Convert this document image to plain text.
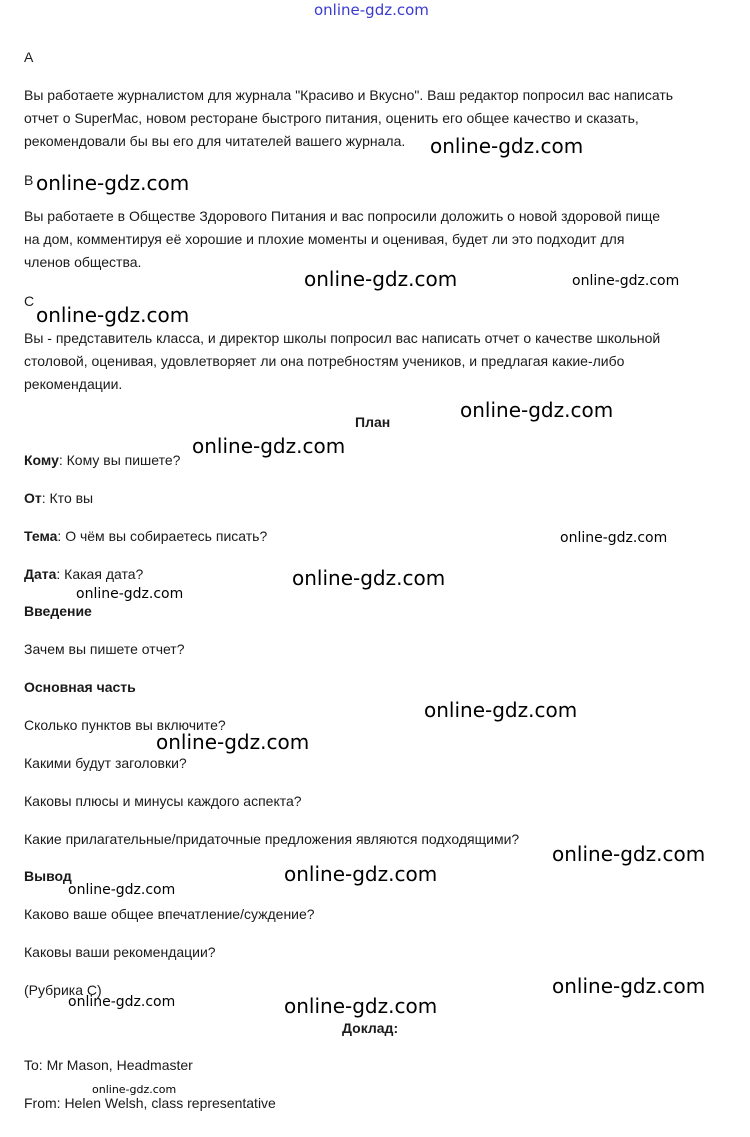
online-gdz.com
A
Вы работаете журналистом для журнала "Красиво и Вкусно". Ваш редактор попросил вас написать
отчет о SuperMac, новом ресторане быстрого питания, оценить его общее качество и сказать,
рекомендовали бы вы его для читателей вашего журнала.
B
Вы работаете в Обществе Здорового Питания и вас попросили доложить о новой здоровой пище
на дом, комментируя её хорошие и плохие моменты и оценивая, будет ли это подходит для
членов общества.
C
Вы - представитель класса, и директор школы попросил вас написать отчет о качестве школьной
столовой, оценивая, удовлетворяет ли она потребностям учеников, и предлагая какие-либо
рекомендации.
План
Кому: Кому вы пишете?
От: Кто вы
Тема: О чём вы собираетесь писать?
Дата: Какая дата?
Введение
Зачем вы пишете отчет?
Основная часть
Сколько пунктов вы включите?
Какими будут заголовки?
Каковы плюсы и минусы каждого аспекта?
Какие прилагательные/придаточные предложения являются подходящими?
Вывод
Каково ваше общее впечатление/суждение?
Каковы ваши рекомендации?
(Рубрика C)
Доклад:
To: Mr Mason, Headmaster
From: Helen Welsh, class representative
online-gdz.com
online-gdz.com
online-gdz.com	online-gdz.com
online-gdz.com
online-gdz.com
online-gdz.com
online-gdz.com
online-gdz.com
online-gdz.com
online-gdz.com
online-gdz.com
online-gdz.com
online-gdz.com
online-gdz.com
online-gdz.com
online-gdz.com
online-gdz.com
online-gdz.com
